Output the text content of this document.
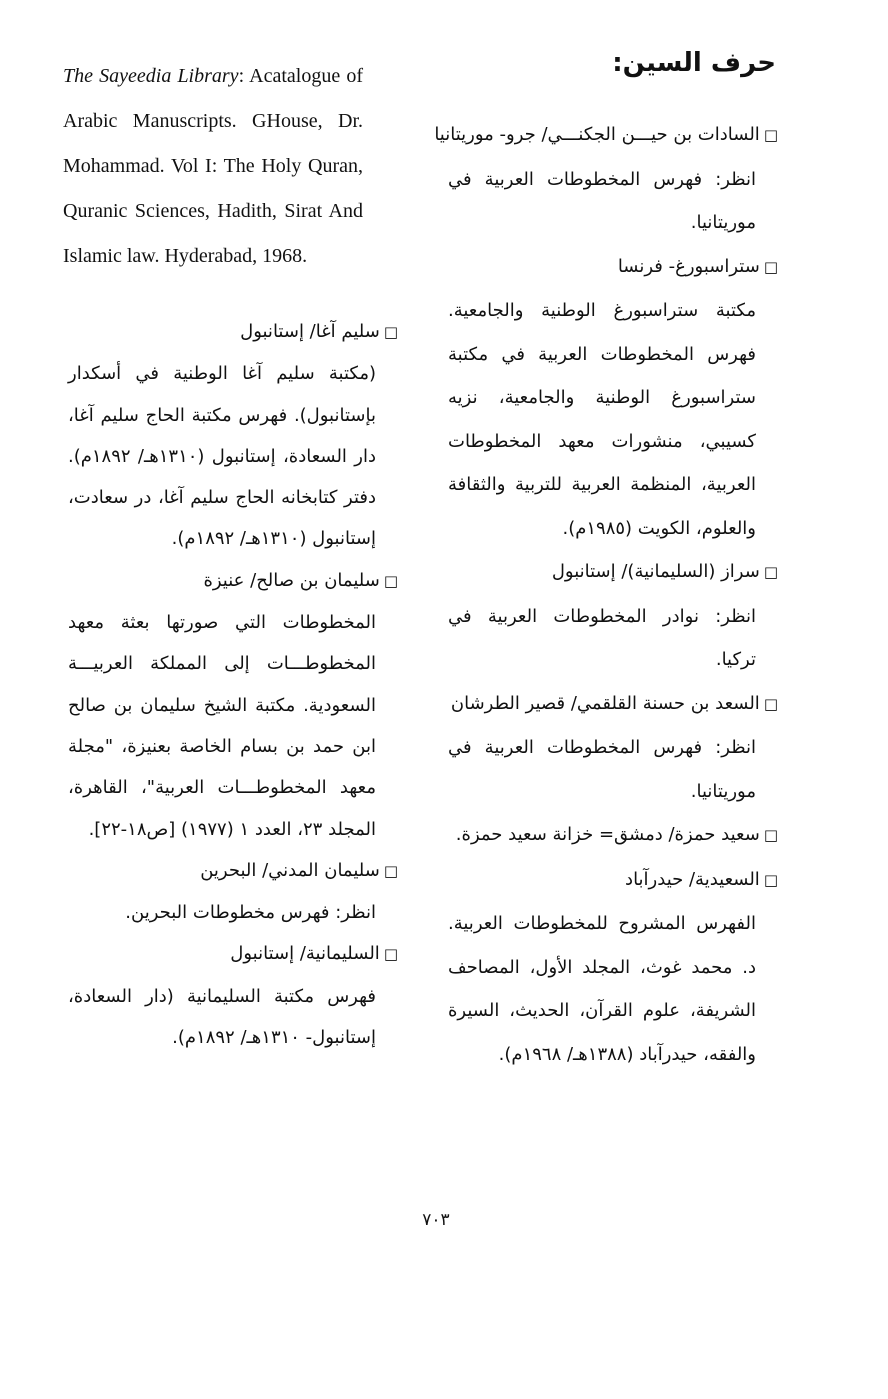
حرف السين:
The Sayeedia Library: Acatalogue of Arabic Manuscripts. GHouse, Dr. Mohammad. Vol I: The Holy Quran, Quranic Sciences, Hadith, Sirat And Islamic law. Hyderabad, 1968.

□السادات بن حيـــن الجكنـــي/ جرو- موريتانيا

انظر: فهرس المخطوطات العربية في موريتانيا.

□ستراسبورغ- فرنسا

مكتبة ستراسبورغ الوطنية والجامعية. فهرس المخطوطات العربية في مكتبة ستراسبورغ الوطنية والجامعية، نزيه كسيبي، منشورات معهد المخطوطات العربية، المنظمة العربية للتربية والثقافة والعلوم، الكويت (١٩٨٥م).

□سراز (السليمانية)/ إستانبول

انظر: نوادر المخطوطات العربية في تركيا.

□السعد بن حسنة القلقمي/ قصير الطرشان

انظر: فهرس المخطوطات العربية في موريتانيا.

□سعيد حمزة/ دمشق= خزانة سعيد حمزة.

□السعيدية/ حيدرآباد

الفهرس المشروح للمخطوطات العربية. د. محمد غوث، المجلد الأول، المصاحف الشريفة، علوم القرآن، الحديث، السيرة والفقه، حيدرآباد (١٣٨٨هـ/ ١٩٦٨م).

□سليم آغا/ إستانبول

(مكتبة سليم آغا الوطنية في أسكدار بإستانبول). فهرس مكتبة الحاج سليم آغا، دار السعادة، إستانبول (١٣١٠هـ/ ١٨٩٢م). دفتر كتابخانه الحاج سليم آغا، در سعادت، إستانبول (١٣١٠هـ/ ١٨٩٢م).

□سليمان بن صالح/ عنيزة

المخطوطات التي صورتها بعثة معهد المخطوطـــات إلى المملكة العربيـــة السعودية. مكتبة الشيخ سليمان بن صالح ابن حمد بن بسام الخاصة بعنيزة، "مجلة معهد المخطوطـــات العربية"، القاهرة، المجلد ٢٣، العدد ١ (١٩٧٧) [ص١٨-٢٢].

□سليمان المدني/ البحرين

انظر: فهرس مخطوطات البحرين.

□السليمانية/ إستانبول

فهرس مكتبة السليمانية (دار السعادة، إستانبول- ١٣١٠هـ/ ١٨٩٢م).

٧٠٣
